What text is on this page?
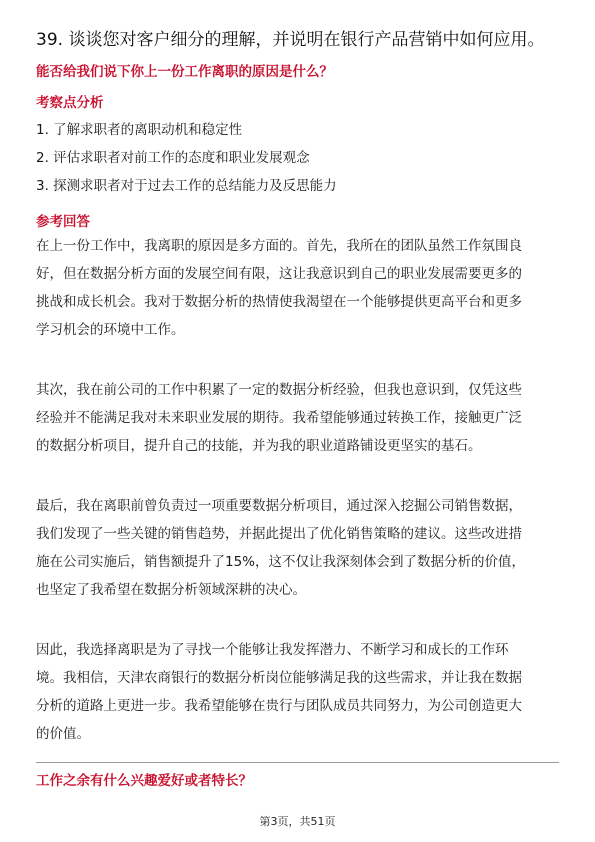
39. 谈谈您对客户细分的理解，并说明在银行产品营销中如何应用。
能否给我们说下你上一份工作离职的原因是什么？
考察点分析
1. 了解求职者的离职动机和稳定性
2. 评估求职者对前工作的态度和职业发展观念
3. 探测求职者对于过去工作的总结能力及反思能力
参考回答
在上一份工作中，我离职的原因是多方面的。首先，我所在的团队虽然工作氛围良
好，但在数据分析方面的发展空间有限，这让我意识到自己的职业发展需要更多的
挑战和成长机会。我对于数据分析的热情使我渴望在一个能够提供更高平台和更多
学习机会的环境中工作。
其次，我在前公司的工作中积累了一定的数据分析经验，但我也意识到，仅凭这些
经验并不能满足我对未来职业发展的期待。我希望能够通过转换工作，接触更广泛
的数据分析项目，提升自己的技能，并为我的职业道路铺设更坚实的基石。
最后，我在离职前曾负责过一项重要数据分析项目，通过深入挖掘公司销售数据，
我们发现了一些关键的销售趋势，并据此提出了优化销售策略的建议。这些改进措
施在公司实施后，销售额提升了15%，这不仅让我深刻体会到了数据分析的价值，
也坚定了我希望在数据分析领域深耕的决心。
因此，我选择离职是为了寻找一个能够让我发挥潜力、不断学习和成长的工作环
境。我相信，天津农商银行的数据分析岗位能够满足我的这些需求，并让我在数据
分析的道路上更进一步。我希望能够在贵行与团队成员共同努力，为公司创造更大
的价值。
工作之余有什么兴趣爱好或者特长？
第3页，共51页
